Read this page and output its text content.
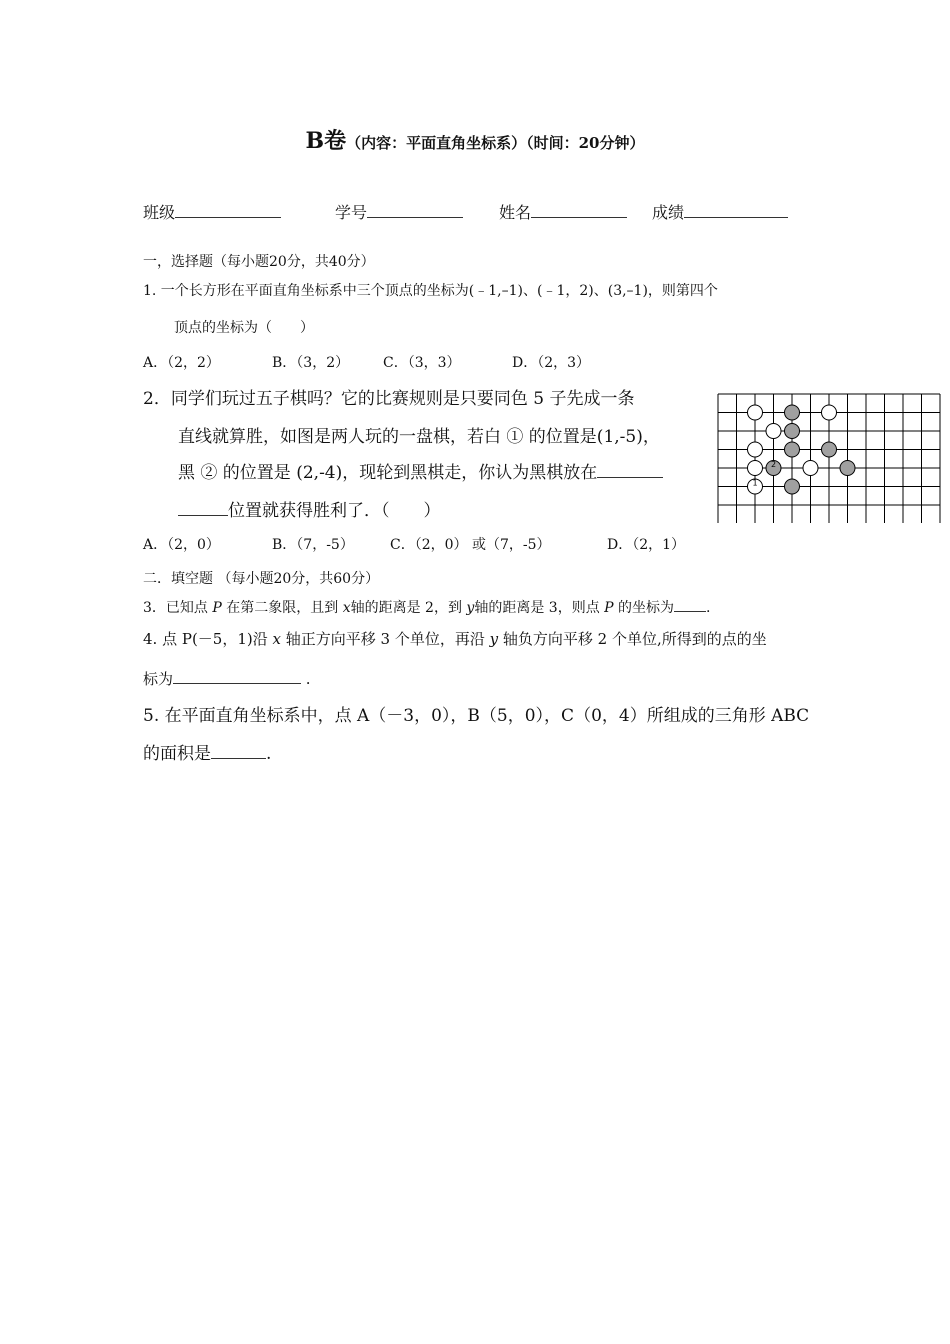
B卷（内容：平面直角坐标系）（时间：20分钟）
班级	学号	姓名	成绩
一，选择题（每小题20分，共40分）
1. 一个长方形在平面直角坐标系中三个顶点的坐标为(﹣1,–1)、(﹣1，2)、(3,–1)，则第四个
顶点的坐标为（　　）
A．（2，2）	B．（3，2） C．（3，3）	D．（2，3）
2．同学们玩过五子棋吗？它的比赛规则是只要同色 5 子先成一条
直线就算胜，如图是两人玩的一盘棋，若白 ① 的位置是(1,-5)，
黑 ② 的位置是 (2,-4)，现轮到黑棋走，你认为黑棋放在
位置就获得胜利了．（　　）
A．（2，0）	B．（7，-5）	C．（2，0） 或（7，-5）	D．（2，1）
2
1
二．填空题 （每小题20分，共60分）
3．已知点 P 在第二象限，且到 x轴的距离是 2，到 y轴的距离是 3，则点 P 的坐标为 .
4. 点 P(－5，1)沿 x 轴正方向平移 3 个单位，再沿 y 轴负方向平移 2 个单位,所得到的点的坐
标为	.
5. 在平面直角坐标系中，点 A（－3，0），B（5，0），C（0，4）所组成的三角形 ABC
的面积是	.
